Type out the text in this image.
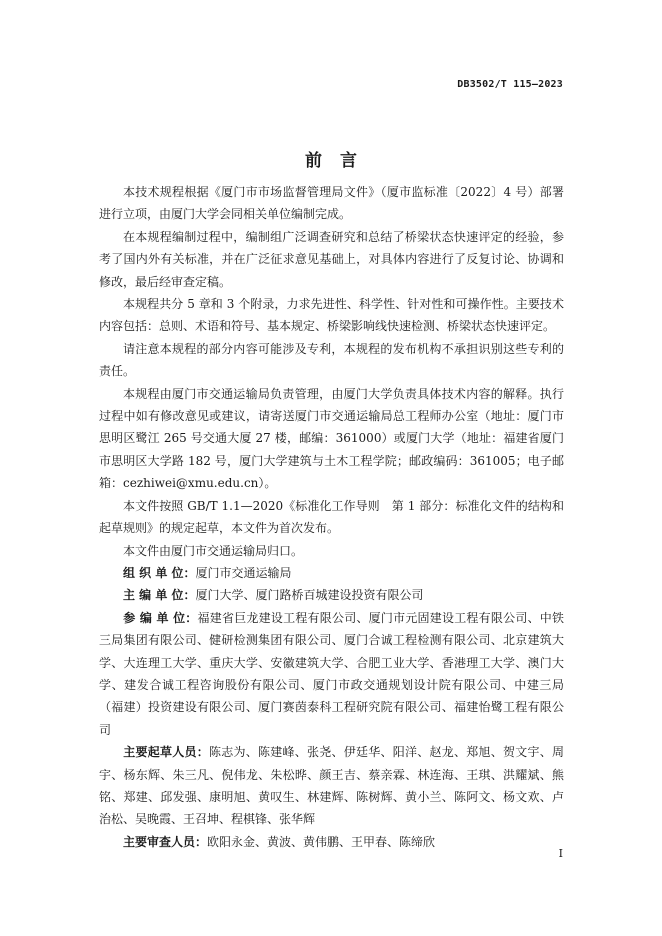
DB3502/T 115—2023
前言

本技术规程根据《厦门市市场监督管理局文件》（厦市监标准〔2022〕4 号）部署进行立项，由厦门大学会同相关单位编制完成。

在本规程编制过程中，编制组广泛调查研究和总结了桥梁状态快速评定的经验，参考了国内外有关标准，并在广泛征求意见基础上，对具体内容进行了反复讨论、协调和修改，最后经审查定稿。

本规程共分 5 章和 3 个附录，力求先进性、科学性、针对性和可操作性。主要技术内容包括：总则、术语和符号、基本规定、桥梁影响线快速检测、桥梁状态快速评定。

请注意本规程的部分内容可能涉及专利，本规程的发布机构不承担识别这些专利的责任。

本规程由厦门市交通运输局负责管理，由厦门大学负责具体技术内容的解释。执行过程中如有修改意见或建议，请寄送厦门市交通运输局总工程师办公室（地址：厦门市思明区鹭江 265 号交通大厦 27 楼，邮编：361000）或厦门大学（地址：福建省厦门市思明区大学路 182 号，厦门大学建筑与土木工程学院；邮政编码：361005；电子邮箱：cezhiwei@xmu.edu.cn）。

本文件按照 GB/T 1.1—2020《标准化工作导则　第 1 部分：标准化文件的结构和起草规则》的规定起草，本文件为首次发布。

本文件由厦门市交通运输局归口。

组 织 单 位：厦门市交通运输局

主 编 单 位：厦门大学、厦门路桥百城建设投资有限公司

参 编 单 位：福建省巨龙建设工程有限公司、厦门市元固建设工程有限公司、中铁三局集团有限公司、健研检测集团有限公司、厦门合诚工程检测有限公司、北京建筑大学、大连理工大学、重庆大学、安徽建筑大学、合肥工业大学、香港理工大学、澳门大学、建发合诚工程咨询股份有限公司、厦门市政交通规划设计院有限公司、中建三局（福建）投资建设有限公司、厦门赛茵泰科工程研究院有限公司、福建怡鹭工程有限公司

主要起草人员：陈志为、陈建峰、张尧、伊廷华、阳洋、赵龙、郑旭、贺文宇、周宇、杨东辉、朱三凡、倪伟龙、朱松晔、颜王吉、蔡亲霖、林连海、王琪、洪耀斌、熊铭、郑建、邱发强、康明旭、黄叹生、林建辉、陈树辉、黄小兰、陈阿文、杨文欢、卢治松、吴晚霞、王召坤、程棋锋、张华辉

主要审查人员：欧阳永金、黄波、黄伟鹏、王甲春、陈缔欣

I
